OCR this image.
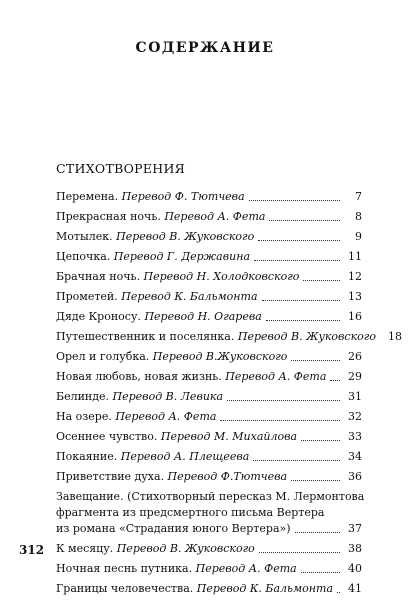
СОДЕРЖАНИЕ
СТИХОТВОРЕНИЯ
Перемена. Перевод Ф. Тютчева	7
Прекрасная ночь. Перевод А. Фета	8
Мотылек. Перевод В. Жуковского	9
Цепочка. Перевод Г. Державина	11
Брачная ночь. Перевод Н. Холодковского	12
Прометей. Перевод К. Бальмонта	13
Дяде Кроносу. Перевод Н. Огарева	16
Путешественник и поселянка. Перевод В. Жуковского	18
Орел и голубка. Перевод В.Жуковского	26
Новая любовь, новая жизнь. Перевод А. Фета	29
Белинде. Перевод В. Левика	31
На озере. Перевод А. Фета	32
Осеннее чувство. Перевод М. Михайлова	33
Покаяние. Перевод А. Плещеева	34
Приветствие духа. Перевод Ф.Тютчева	36
Завещание. (Стихотворный пересказ М. Лермонтова
фрагмента из предсмертного письма Вертера
из романа «Страдания юного Вертера»)	37
К месяцу. Перевод В. Жуковского	38
Ночная песнь путника. Перевод А. Фета	40
Границы человечества. Перевод К. Бальмонта	41
312
